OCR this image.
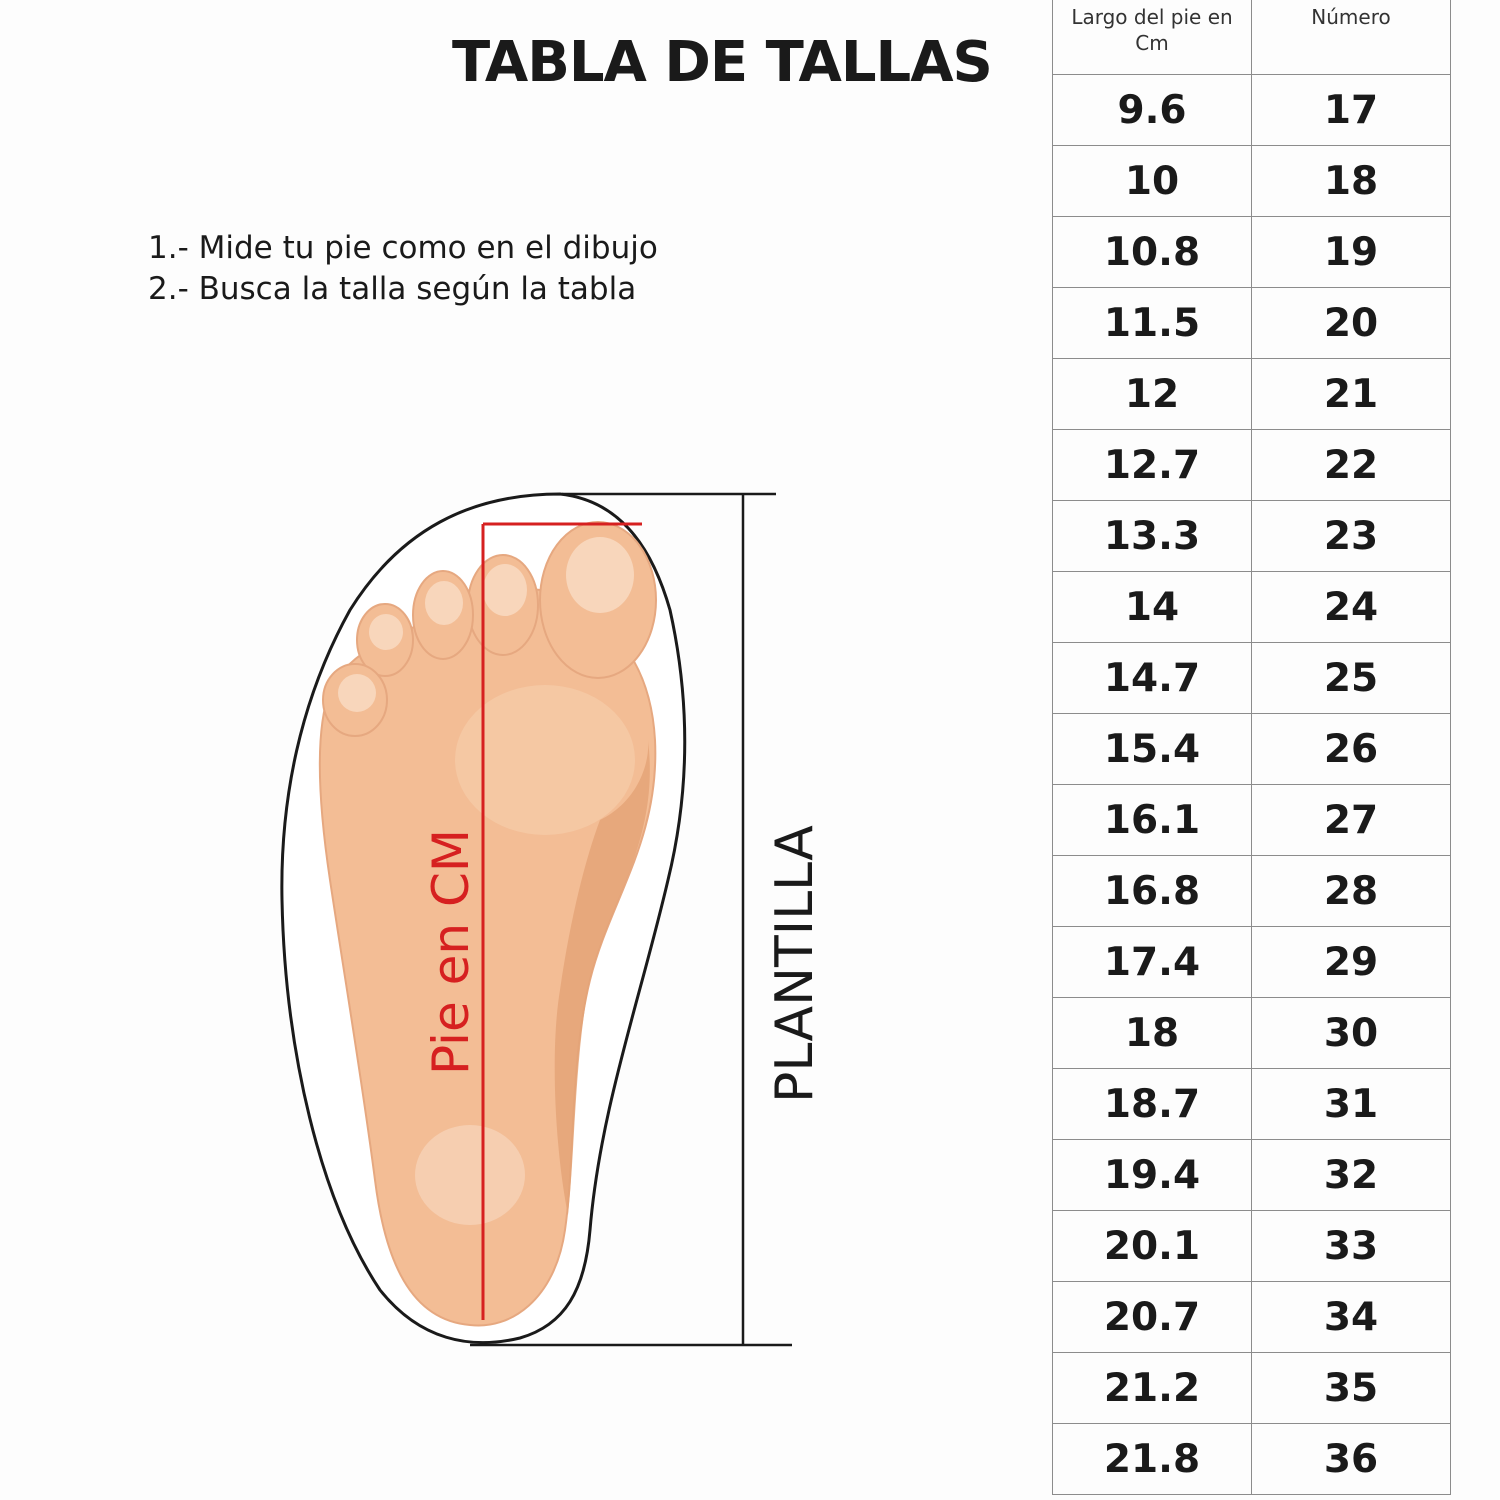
TABLA DE TALLAS
1.- Mide tu pie como en el dibujo
2.- Busca la talla según la tabla
Pie en CM	PLANTILLA
Largo del pie en Cm	Número
9.6	17
10	18
10.8	19
11.5	20
12	21
12.7	22
13.3	23
14	24
14.7	25
15.4	26
16.1	27
16.8	28
17.4	29
18	30
18.7	31
19.4	32
20.1	33
20.7	34
21.2	35
21.8	36
